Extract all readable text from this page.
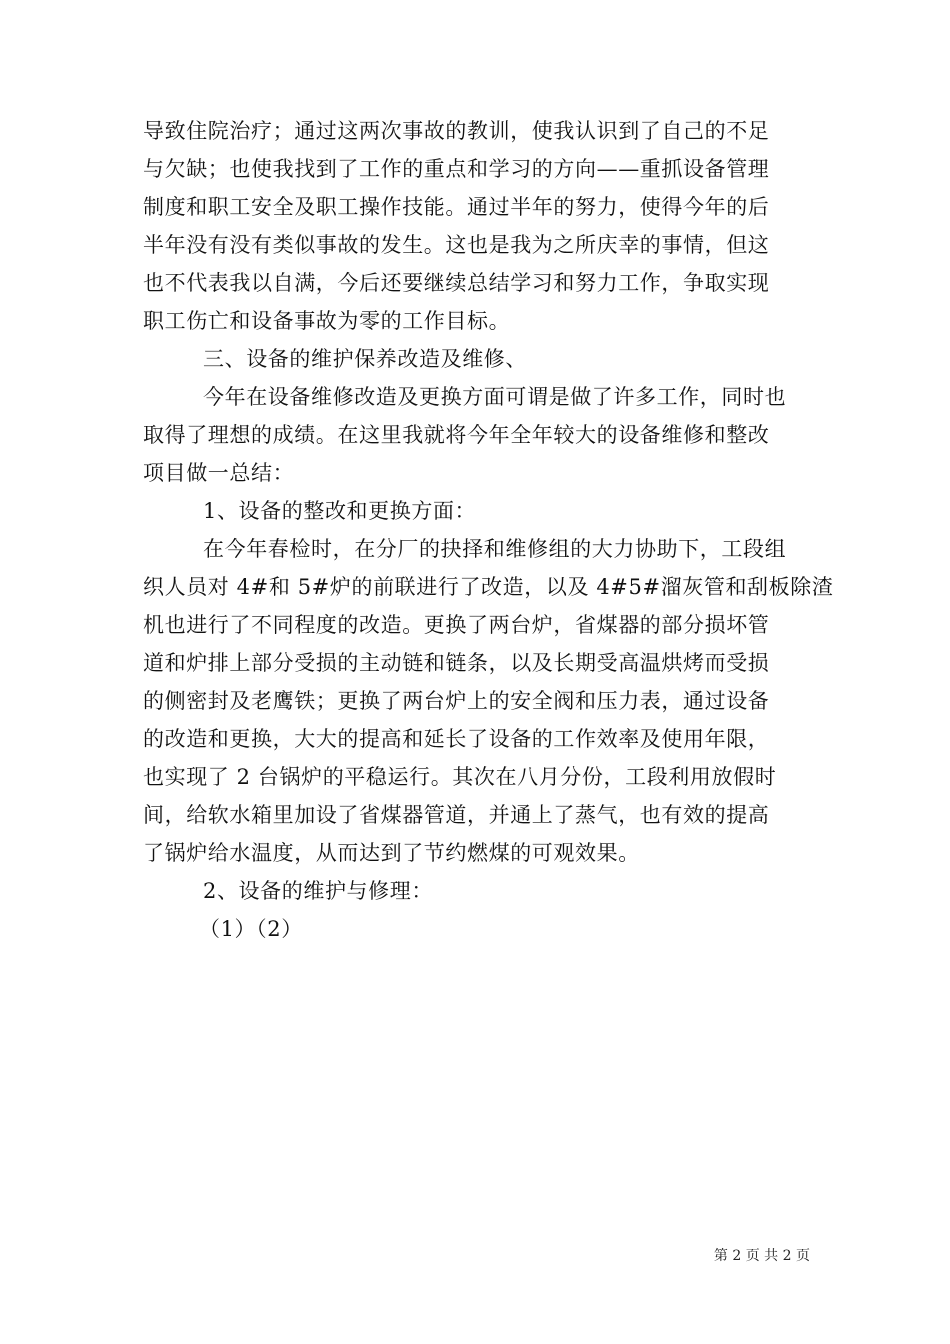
导致住院治疗；通过这两次事故的教训，使我认识到了自己的不足
与欠缺；也使我找到了工作的重点和学习的方向——重抓设备管理
制度和职工安全及职工操作技能。通过半年的努力，使得今年的后
半年没有没有类似事故的发生。这也是我为之所庆幸的事情，但这
也不代表我以自满，今后还要继续总结学习和努力工作，争取实现
职工伤亡和设备事故为零的工作目标。

三、设备的维护保养改造及维修、

今年在设备维修改造及更换方面可谓是做了许多工作，同时也
取得了理想的成绩。在这里我就将今年全年较大的设备维修和整改
项目做一总结：

1、设备的整改和更换方面：

在今年春检时，在分厂的抉择和维修组的大力协助下，工段组
织人员对 4#和 5#炉的前联进行了改造，以及 4#5#溜灰管和刮板除渣
机也进行了不同程度的改造。更换了两台炉，省煤器的部分损坏管
道和炉排上部分受损的主动链和链条，以及长期受高温烘烤而受损
的侧密封及老鹰铁；更换了两台炉上的安全阀和压力表，通过设备
的改造和更换，大大的提高和延长了设备的工作效率及使用年限，
也实现了 2 台锅炉的平稳运行。其次在八月分份，工段利用放假时
间，给软水箱里加设了省煤器管道，并通上了蒸气，也有效的提高
了锅炉给水温度，从而达到了节约燃煤的可观效果。

2、设备的维护与修理：

（1）（2）

第 2 页 共 2 页
